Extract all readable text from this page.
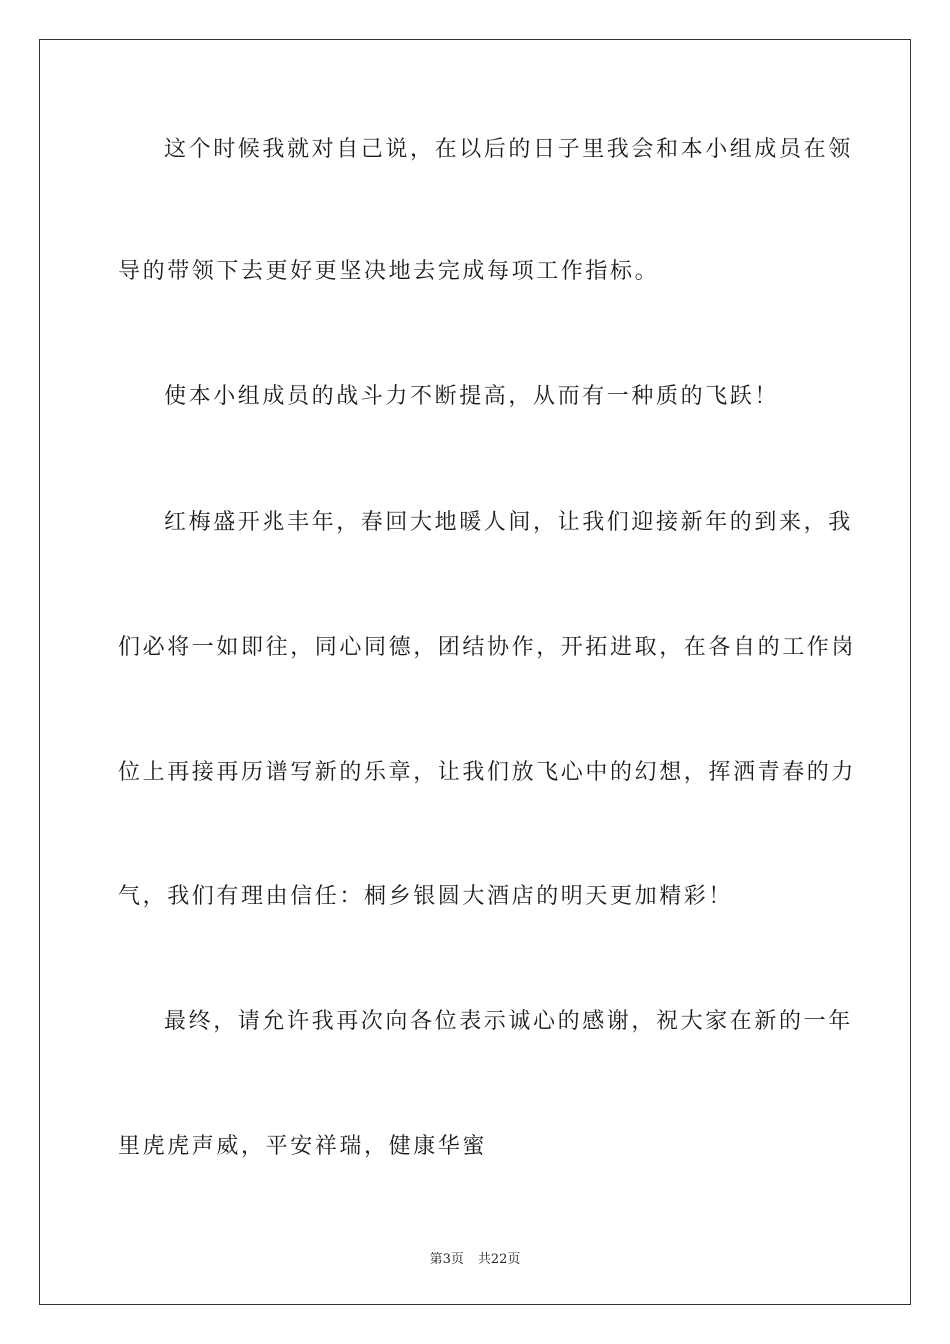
这个时候我就对自己说，在以后的日子里我会和本小组成员在领
导的带领下去更好更坚决地去完成每项工作指标。
使本小组成员的战斗力不断提高，从而有一种质的飞跃！
红梅盛开兆丰年，春回大地暖人间，让我们迎接新年的到来，我
们必将一如即往，同心同德，团结协作，开拓进取，在各自的工作岗
位上再接再历谱写新的乐章，让我们放飞心中的幻想，挥洒青春的力
气，我们有理由信任：桐乡银圆大酒店的明天更加精彩！
最终，请允许我再次向各位表示诚心的感谢，祝大家在新的一年
里虎虎声威，平安祥瑞，健康华蜜
第3页 共22页
